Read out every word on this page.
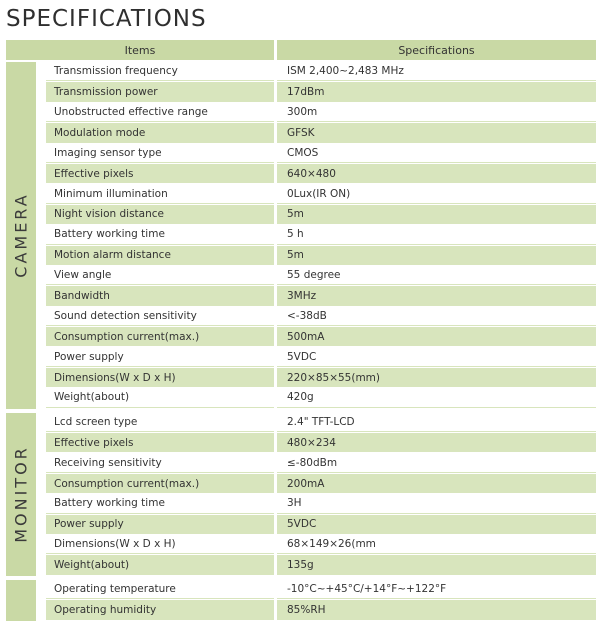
SPECIFICATIONS
Items	Specifications
CAMERA
Transmission frequency	ISM 2,400~2,483 MHz
Transmission power	17dBm
Unobstructed effective range	300m
Modulation mode	GFSK
Imaging sensor type	CMOS
Effective pixels	640×480
Minimum illumination	0Lux(IR ON)
Night vision distance	5m
Battery working time	5 h
Motion alarm distance	5m
View angle	55 degree
Bandwidth	3MHz
Sound detection sensitivity	<-38dB
Consumption current(max.)	500mA
Power supply	5VDC
Dimensions(W x D x H)	220×85×55(mm)
Weight(about)	420g
MONITOR
Lcd screen type	2.4" TFT-LCD
Effective pixels	480×234
Receiving sensitivity	≤-80dBm
Consumption current(max.)	200mA
Battery working time	3H
Power supply	5VDC
Dimensions(W x D x H)	68×149×26(mm
Weight(about)	135g
Operating temperature	-10°C~+45°C/+14°F~+122°F
Operating humidity	85%RH
